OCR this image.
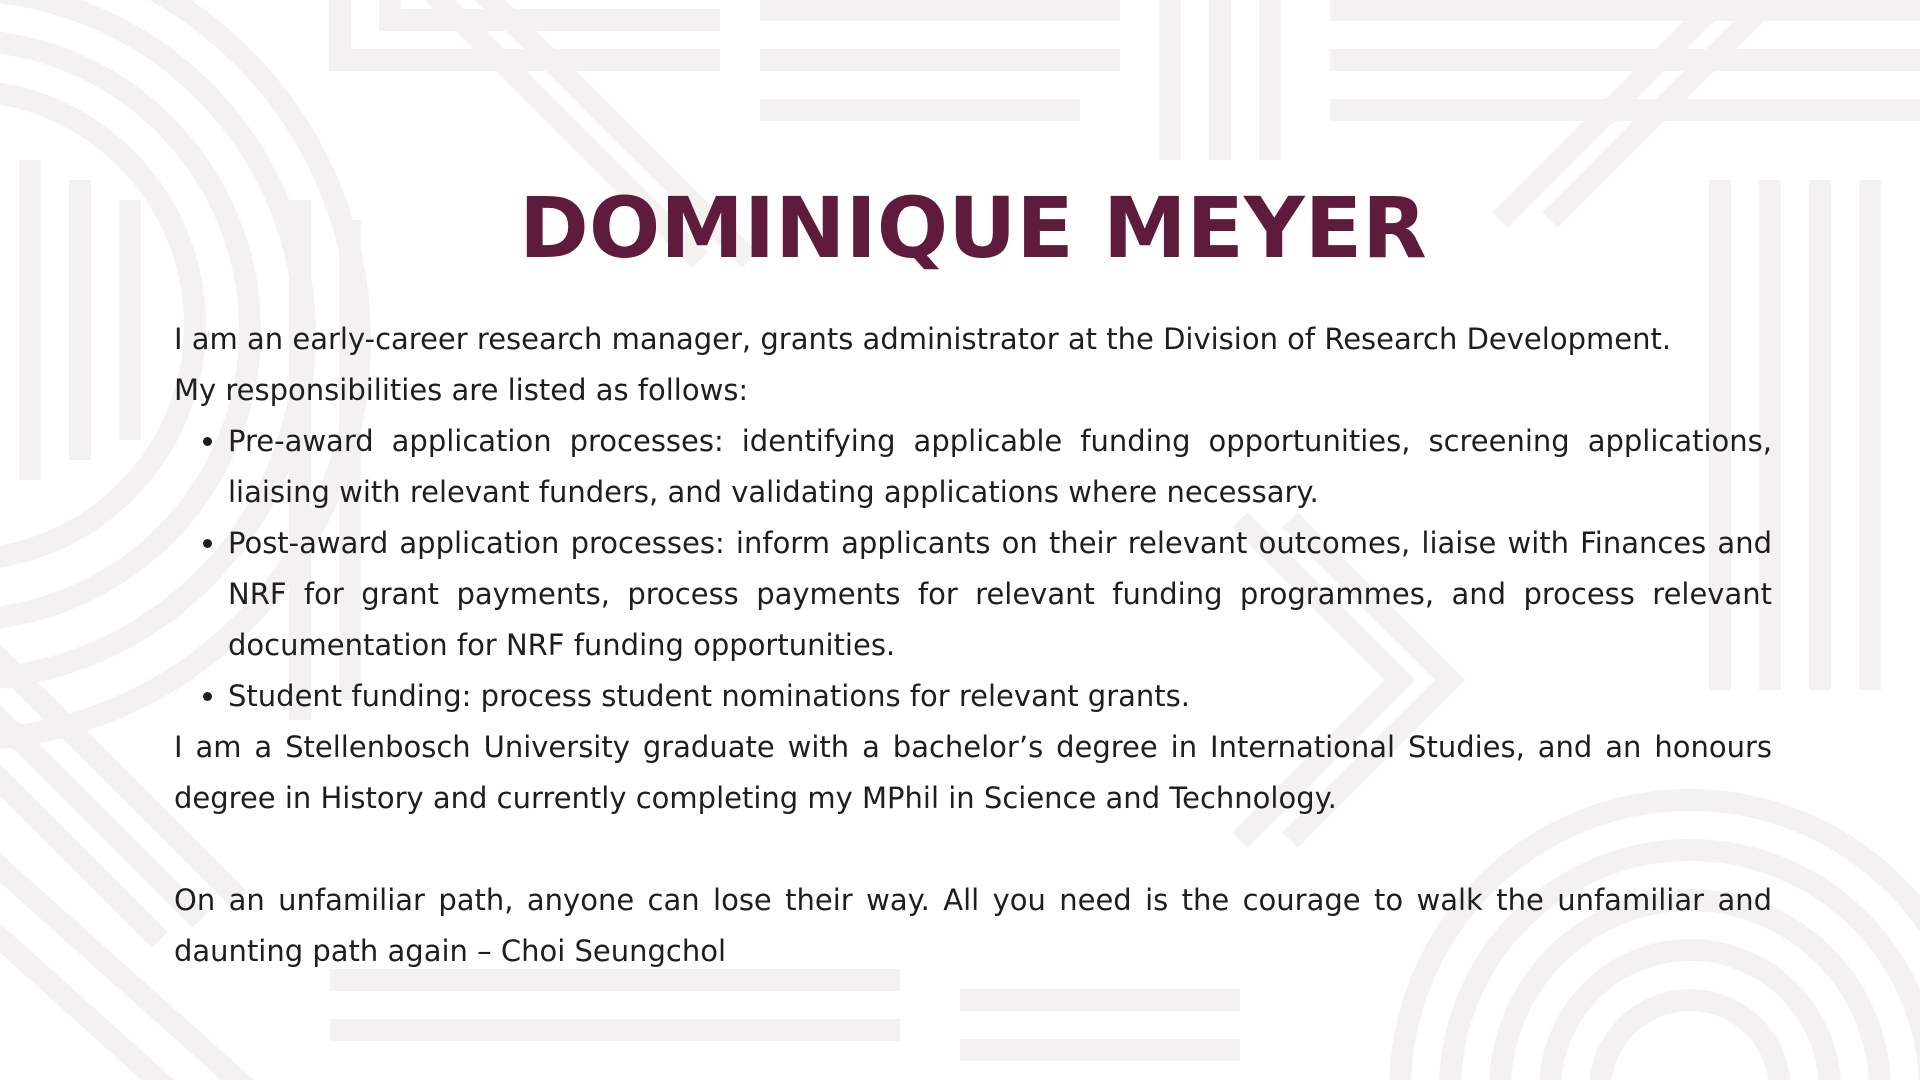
DOMINIQUE MEYER

I am an early-career research manager, grants administrator at the Division of Research Development.

My responsibilities are listed as follows:

• Pre-award application processes: identifying applicable funding opportunities, screening applications, liaising with relevant funders, and validating applications where necessary.
• Post-award application processes: inform applicants on their relevant outcomes, liaise with Finances and NRF for grant payments, process payments for relevant funding programmes, and process relevant documentation for NRF funding opportunities.
• Student funding: process student nominations for relevant grants.

I am a Stellenbosch University graduate with a bachelor’s degree in International Studies, and an honours degree in History and currently completing my MPhil in Science and Technology.

On an unfamiliar path, anyone can lose their way. All you need is the courage to walk the unfamiliar and daunting path again – Choi Seungchol
